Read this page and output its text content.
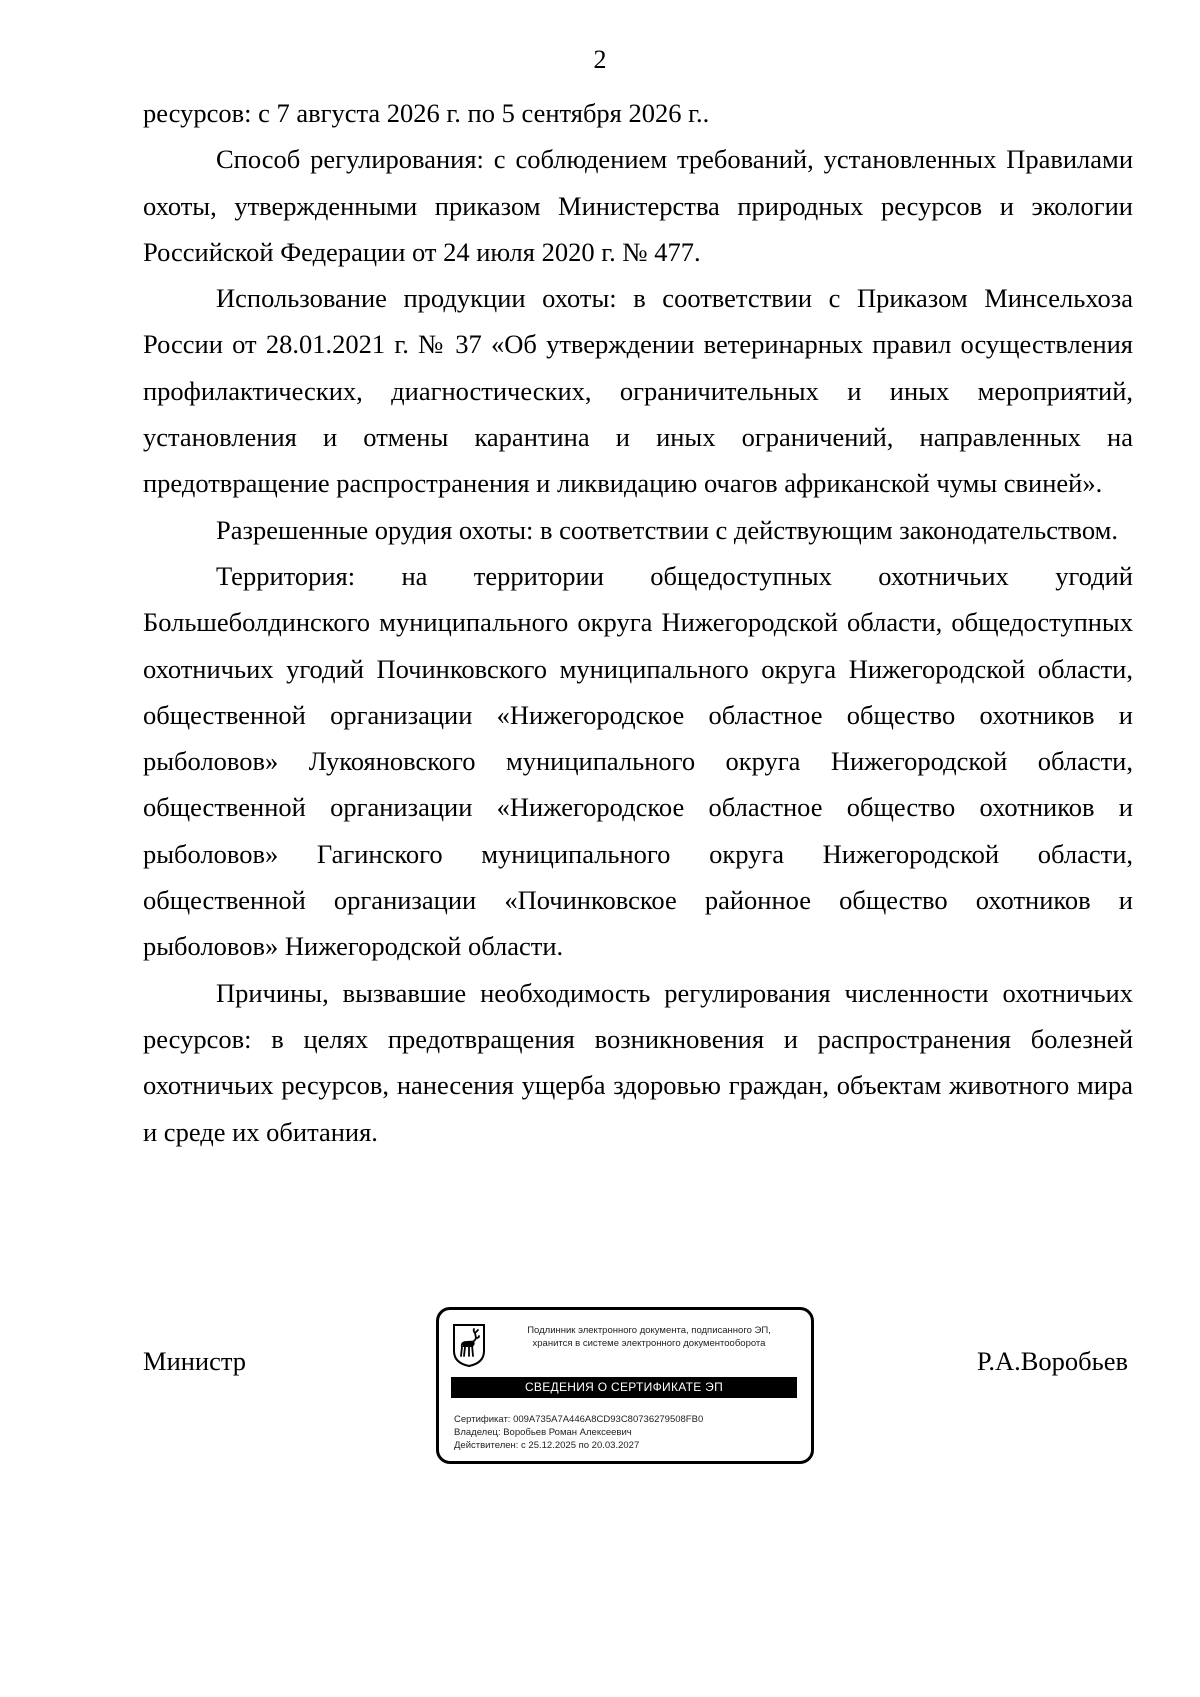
2

ресурсов: с 7 августа 2026 г. по 5 сентября 2026 г..

Способ регулирования: с соблюдением требований, установленных Правилами охоты, утвержденными приказом Министерства природных ресурсов и экологии Российской Федерации от 24 июля 2020 г. № 477.

Использование продукции охоты: в соответствии с Приказом Минсельхоза России от 28.01.2021 г. № 37 «Об утверждении ветеринарных правил осуществления профилактических, диагностических, ограничительных и иных мероприятий, установления и отмены карантина и иных ограничений, направленных на предотвращение распространения и ликвидацию очагов африканской чумы свиней».

Разрешенные орудия охоты: в соответствии с действующим законодательством.

Территория: на территории общедоступных охотничьих угодий Большеболдинского муниципального округа Нижегородской области, общедоступных охотничьих угодий Починковского муниципального округа Нижегородской области, общественной организации «Нижегородское областное общество охотников и рыболовов» Лукояновского муниципального округа Нижегородской области, общественной организации «Нижегородское областное общество охотников и рыболовов» Гагинского муниципального округа Нижегородской области, общественной организации «Починковское районное общество охотников и рыболовов» Нижегородской области.

Причины, вызвавшие необходимость регулирования численности охотничьих ресурсов: в целях предотвращения возникновения и распространения болезней охотничьих ресурсов, нанесения ущерба здоровью граждан, объектам животного мира и среде их обитания.

Министр	Р.А.Воробьев
Подлинник электронного документа, подписанного ЭП,
хранится в системе электронного документооборота
СВЕДЕНИЯ О СЕРТИФИКАТЕ ЭП
Сертификат: 009A735A7A446A8CD93C80736279508FB0
Владелец: Воробьев Роман Алексеевич
Действителен: с 25.12.2025 по 20.03.2027
